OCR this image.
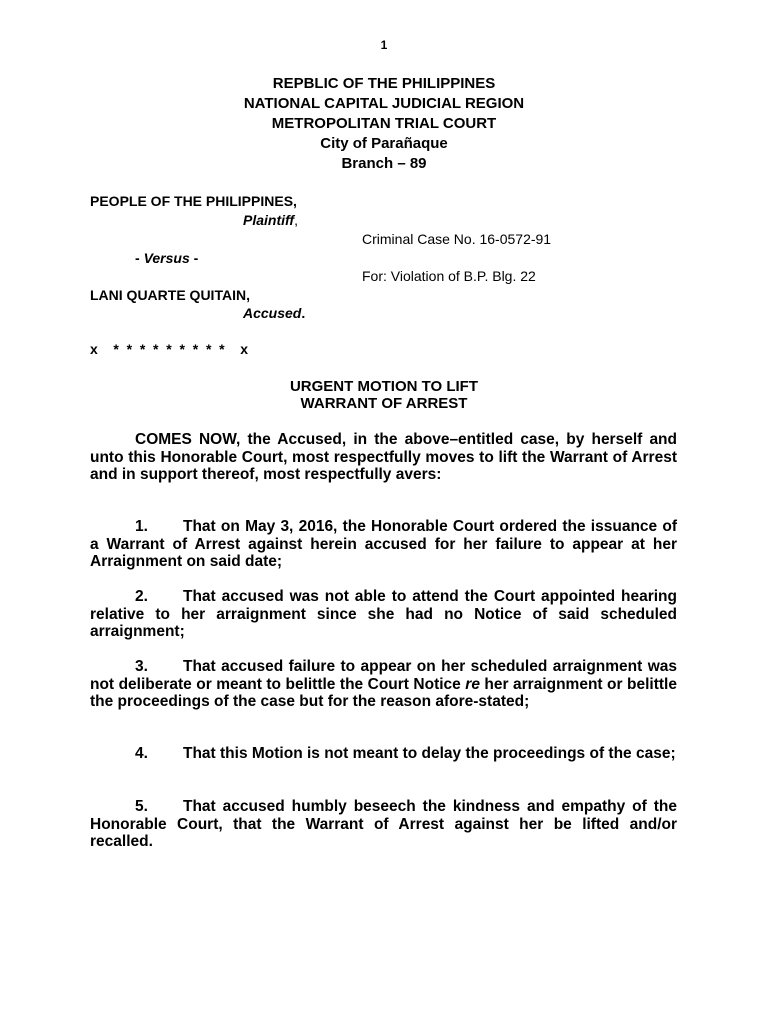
1
REPBLIC OF THE PHILIPPINES
NATIONAL CAPITAL JUDICIAL REGION
METROPOLITAN TRIAL COURT
City of Parañaque
Branch – 89
PEOPLE OF THE PHILIPPINES,
Plaintiff,
Criminal Case No. 16-0572-91
- Versus -
For: Violation of B.P. Blg. 22
LANI QUARTE QUITAIN,
Accused.
x *  *  *  *  *  *  *  *  * x
URGENT MOTION TO LIFT
WARRANT OF ARREST

COMES NOW, the Accused, in the above–entitled case, by herself and unto this Honorable Court, most respectfully moves to lift the Warrant of Arrest and in support thereof, most respectfully avers:

1. That on May 3, 2016, the Honorable Court ordered the issuance of a Warrant of Arrest against herein accused for her failure to appear at her Arraignment on said date;

2. That accused was not able to attend the Court appointed hearing relative to her arraignment since she had no Notice of said scheduled arraignment;

3. That accused failure to appear on her scheduled arraignment was not deliberate or meant to belittle the Court Notice re her arraignment or belittle the proceedings of the case but for the reason afore-stated;

4. That this Motion is not meant to delay the proceedings of the case;

5. That accused humbly beseech the kindness and empathy of the Honorable Court, that the Warrant of Arrest against her be lifted and/or recalled.
